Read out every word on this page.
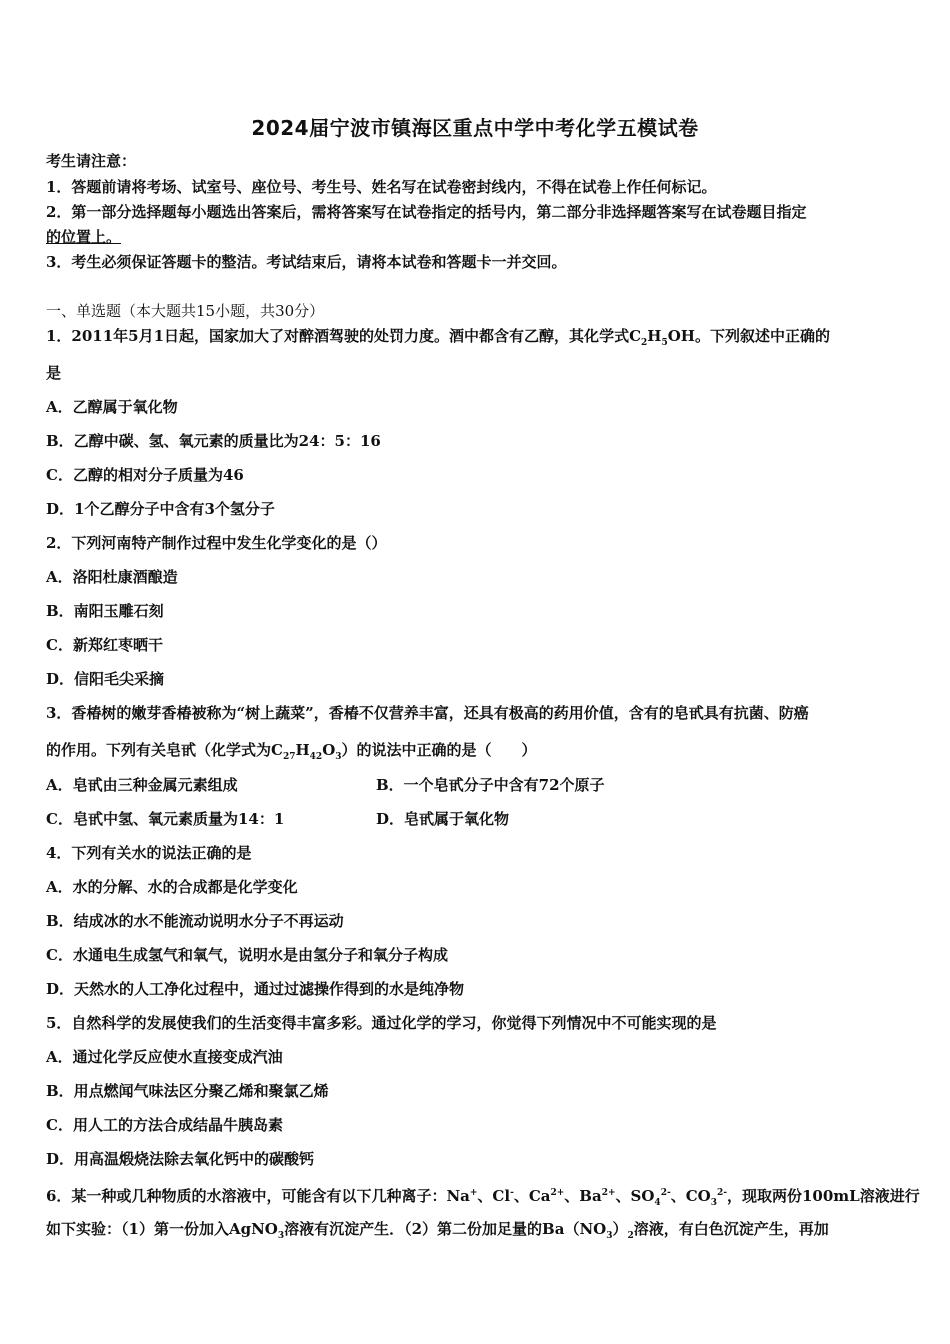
2024届宁波市镇海区重点中学中考化学五模试卷
考生请注意：
1．答题前请将考场、试室号、座位号、考生号、姓名写在试卷密封线内，不得在试卷上作任何标记。
2．第一部分选择题每小题选出答案后，需将答案写在试卷指定的括号内，第二部分非选择题答案写在试卷题目指定
的位置上。
3．考生必须保证答题卡的整洁。考试结束后，请将本试卷和答题卡一并交回。
一、单选题（本大题共15小题，共30分）
1．2011年5月1日起，国家加大了对醉酒驾驶的处罚力度。酒中都含有乙醇，其化学式$C_2H_5OH$。下列叙述中正确的
是
A．乙醇属于氧化物
B．乙醇中碳、氢、氧元素的质量比为24：5：16
C．乙醇的相对分子质量为46
D．1个乙醇分子中含有3个氢分子
2．下列河南特产制作过程中发生化学变化的是（）
A．洛阳杜康酒酿造
B．南阳玉雕石刻
C．新郑红枣晒干
D．信阳毛尖采摘
3．香椿树的嫩芽香椿被称为“树上蔬菜”，香椿不仅营养丰富，还具有极高的药用价值，含有的皂甙具有抗菌、防癌
的作用。下列有关皂甙（化学式为$C_{27}H_{42}O_3$）的说法中正确的是（　　）
A．皂甙由三种金属元素组成	B．一个皂甙分子中含有72个原子
C．皂甙中氢、氧元素质量为14：1	D．皂甙属于氧化物
4．下列有关水的说法正确的是
A．水的分解、水的合成都是化学变化
B．结成冰的水不能流动说明水分子不再运动
C．水通电生成氢气和氧气，说明水是由氢分子和氧分子构成
D．天然水的人工净化过程中，通过过滤操作得到的水是纯净物
5．自然科学的发展使我们的生活变得丰富多彩。通过化学的学习，你觉得下列情况中不可能实现的是
A．通过化学反应使水直接变成汽油
B．用点燃闻气味法区分聚乙烯和聚氯乙烯
C．用人工的方法合成结晶牛胰岛素
D．用高温煅烧法除去氧化钙中的碳酸钙
6．某一种或几种物质的水溶液中，可能含有以下几种离子：Na+、Cl-、$Ca^{2+}$、$Ba^{2+}$、$SO_4^{2-}$、$CO_3^{2-}$，现取两份100mL溶液进行
如下实验：（1）第一份加入AgNO$_3$溶液有沉淀产生．（2）第二份加足量的$Ba(NO_3)_2$溶液，有白色沉淀产生，再加
